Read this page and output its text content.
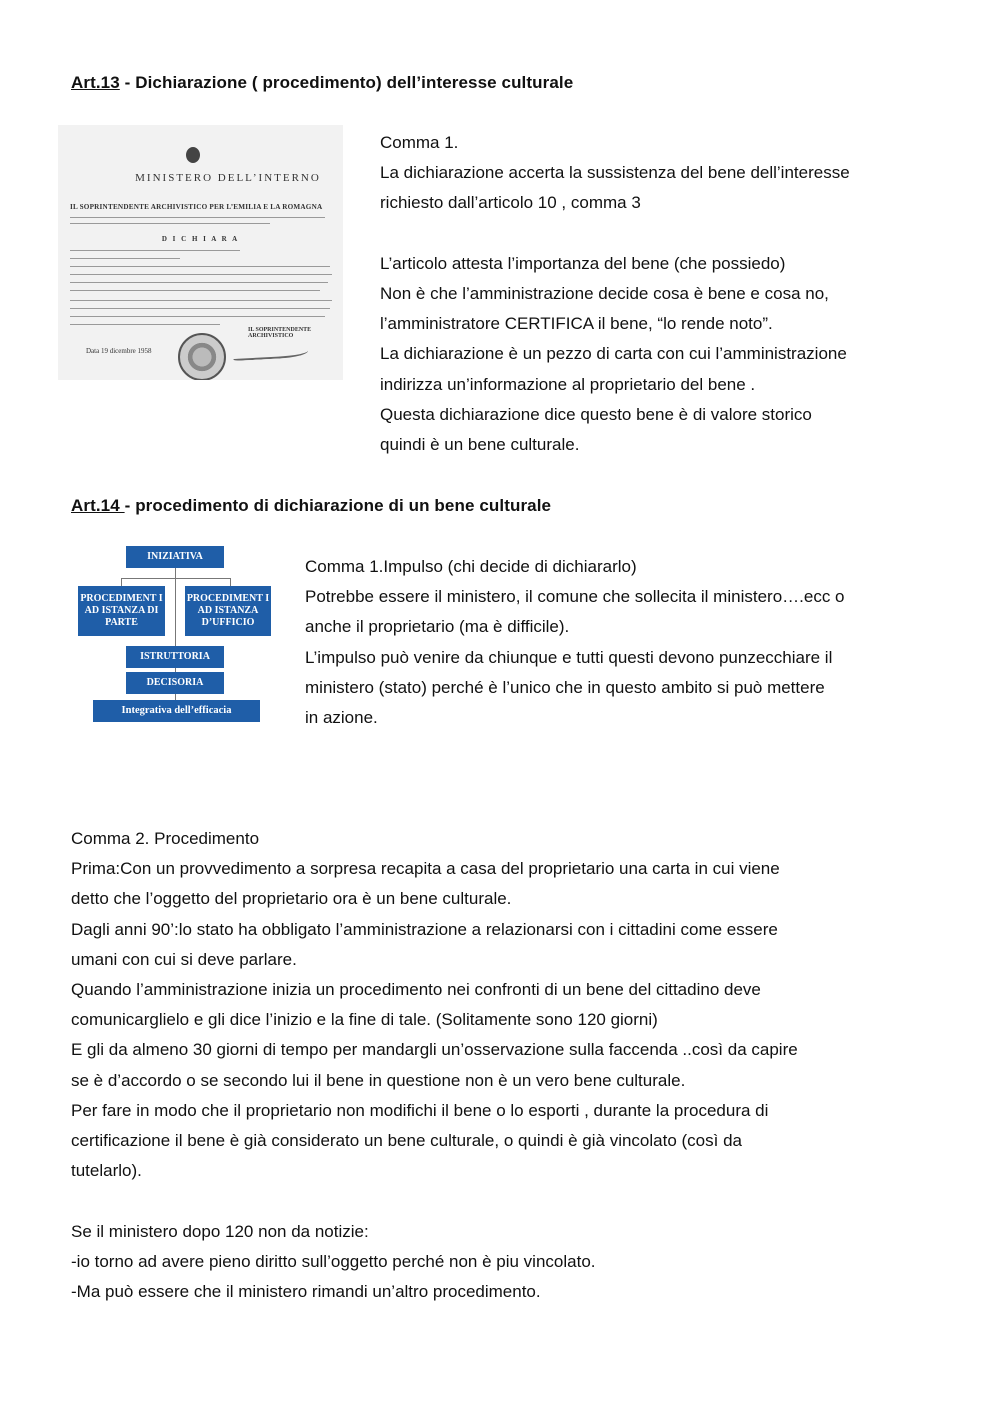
Art.13 - Dichiarazione ( procedimento) dell’interesse culturale
MINISTERO DELL’INTERNO
IL SOPRINTENDENTE ARCHIVISTICO PER L’EMILIA E LA ROMAGNA
D I C H I A R A
IL SOPRINTENDENTE ARCHIVISTICO
Data 19 dicembre 1958

Comma 1.

La dichiarazione accerta la sussistenza del bene dell’interesse

richiesto dall’articolo 10 , comma 3

L’articolo attesta l’importanza del bene (che possiedo)

Non è che l’amministrazione decide cosa è bene e cosa no,

l’amministratore CERTIFICA il bene, “lo rende noto”.

La dichiarazione è un pezzo di carta con cui l’amministrazione

indirizza un’informazione al proprietario del bene .

Questa dichiarazione dice questo bene è di valore storico

quindi è un bene culturale.

Art.14 - procedimento di dichiarazione di un bene culturale
INIZIATIVA
PROCEDIMENT I AD ISTANZA DI PARTE
PROCEDIMENT I AD ISTANZA D’UFFICIO
ISTRUTTORIA
DECISORIA
Integrativa dell’efficacia

Comma 1.Impulso (chi decide di dichiararlo)

Potrebbe essere il ministero, il comune che sollecita il ministero….ecc o

anche il proprietario (ma è difficile).

L’impulso può venire da chiunque e tutti questi devono punzecchiare il

ministero (stato) perché è l’unico che in questo ambito si può mettere

in azione.

Comma 2. Procedimento

Prima:Con un provvedimento a sorpresa recapita a casa del proprietario una carta in cui viene

detto che l’oggetto del proprietario ora è un bene culturale.

Dagli anni 90’:lo stato ha obbligato l’amministrazione a relazionarsi con i cittadini come essere

umani con cui si deve parlare.

Quando l’amministrazione inizia un procedimento nei confronti di un bene del cittadino deve

comunicarglielo e gli dice l’inizio e la fine di tale. (Solitamente sono 120 giorni)

E gli da almeno 30 giorni di tempo per mandargli un’osservazione sulla faccenda ..così da capire

se è d’accordo o se secondo lui il bene in questione non è un vero bene culturale.

Per fare in modo che il proprietario non modifichi il bene o lo esporti , durante la procedura di

certificazione il bene è già considerato un bene culturale, o quindi è già vincolato (così da

tutelarlo).

Se il ministero dopo 120 non da notizie:

-io torno ad avere pieno diritto sull’oggetto perché non è piu vincolato.

-Ma può essere che il ministero rimandi un’altro procedimento.
